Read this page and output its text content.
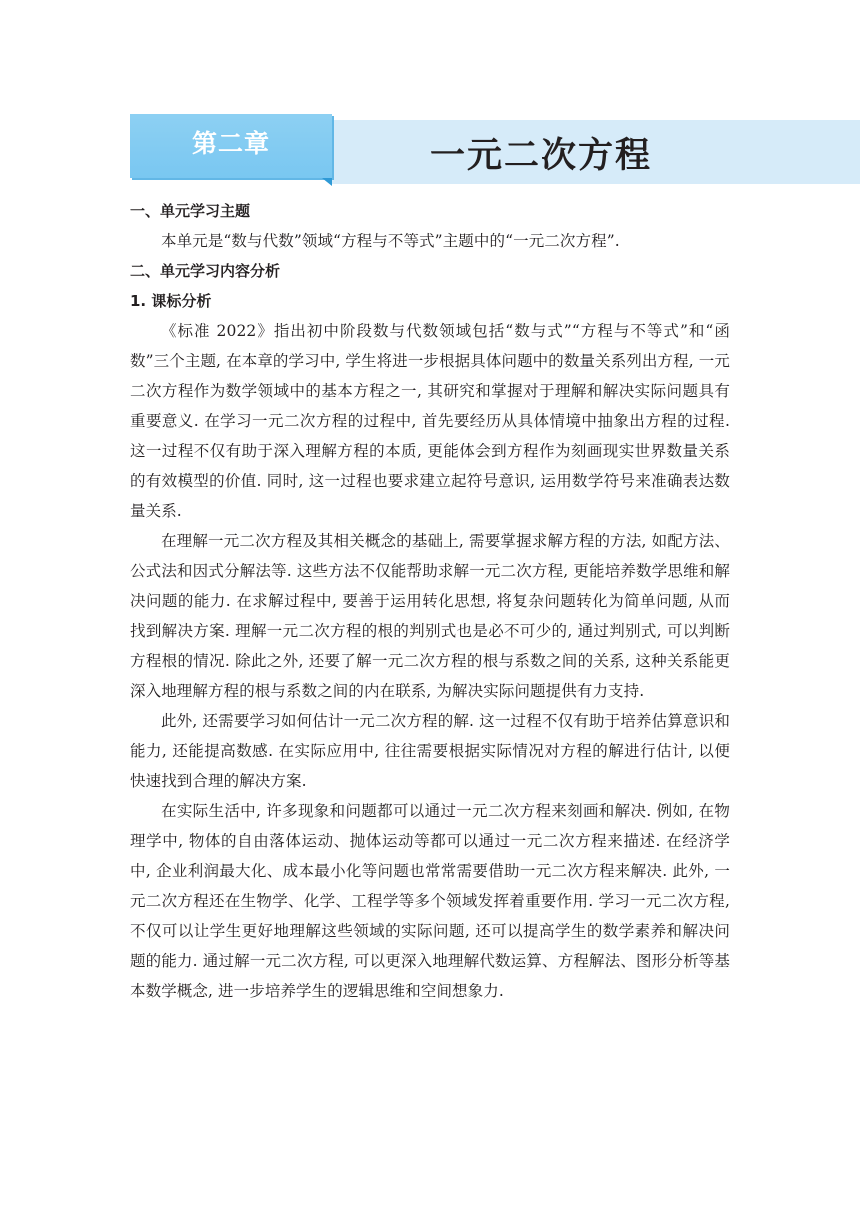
第二章	一元二次方程

一、单元学习主题

本单元是“数与代数”领域“方程与不等式”主题中的“一元二次方程”.

二、单元学习内容分析

1. 课标分析

《标准 2022》指出初中阶段数与代数领域包括“数与式”“方程与不等式”和“函数”三个主题, 在本章的学习中, 学生将进一步根据具体问题中的数量关系列出方程, 一元二次方程作为数学领域中的基本方程之一, 其研究和掌握对于理解和解决实际问题具有重要意义. 在学习一元二次方程的过程中, 首先要经历从具体情境中抽象出方程的过程. 这一过程不仅有助于深入理解方程的本质, 更能体会到方程作为刻画现实世界数量关系的有效模型的价值. 同时, 这一过程也要求建立起符号意识, 运用数学符号来准确表达数量关系.

在理解一元二次方程及其相关概念的基础上, 需要掌握求解方程的方法, 如配方法、公式法和因式分解法等. 这些方法不仅能帮助求解一元二次方程, 更能培养数学思维和解决问题的能力. 在求解过程中, 要善于运用转化思想, 将复杂问题转化为简单问题, 从而找到解决方案. 理解一元二次方程的根的判别式也是必不可少的, 通过判别式, 可以判断方程根的情况. 除此之外, 还要了解一元二次方程的根与系数之间的关系, 这种关系能更深入地理解方程的根与系数之间的内在联系, 为解决实际问题提供有力支持.

此外, 还需要学习如何估计一元二次方程的解. 这一过程不仅有助于培养估算意识和能力, 还能提高数感. 在实际应用中, 往往需要根据实际情况对方程的解进行估计, 以便快速找到合理的解决方案.

在实际生活中, 许多现象和问题都可以通过一元二次方程来刻画和解决. 例如, 在物理学中, 物体的自由落体运动、抛体运动等都可以通过一元二次方程来描述. 在经济学中, 企业利润最大化、成本最小化等问题也常常需要借助一元二次方程来解决. 此外, 一元二次方程还在生物学、化学、工程学等多个领域发挥着重要作用. 学习一元二次方程, 不仅可以让学生更好地理解这些领域的实际问题, 还可以提高学生的数学素养和解决问题的能力. 通过解一元二次方程, 可以更深入地理解代数运算、方程解法、图形分析等基本数学概念, 进一步培养学生的逻辑思维和空间想象力.
